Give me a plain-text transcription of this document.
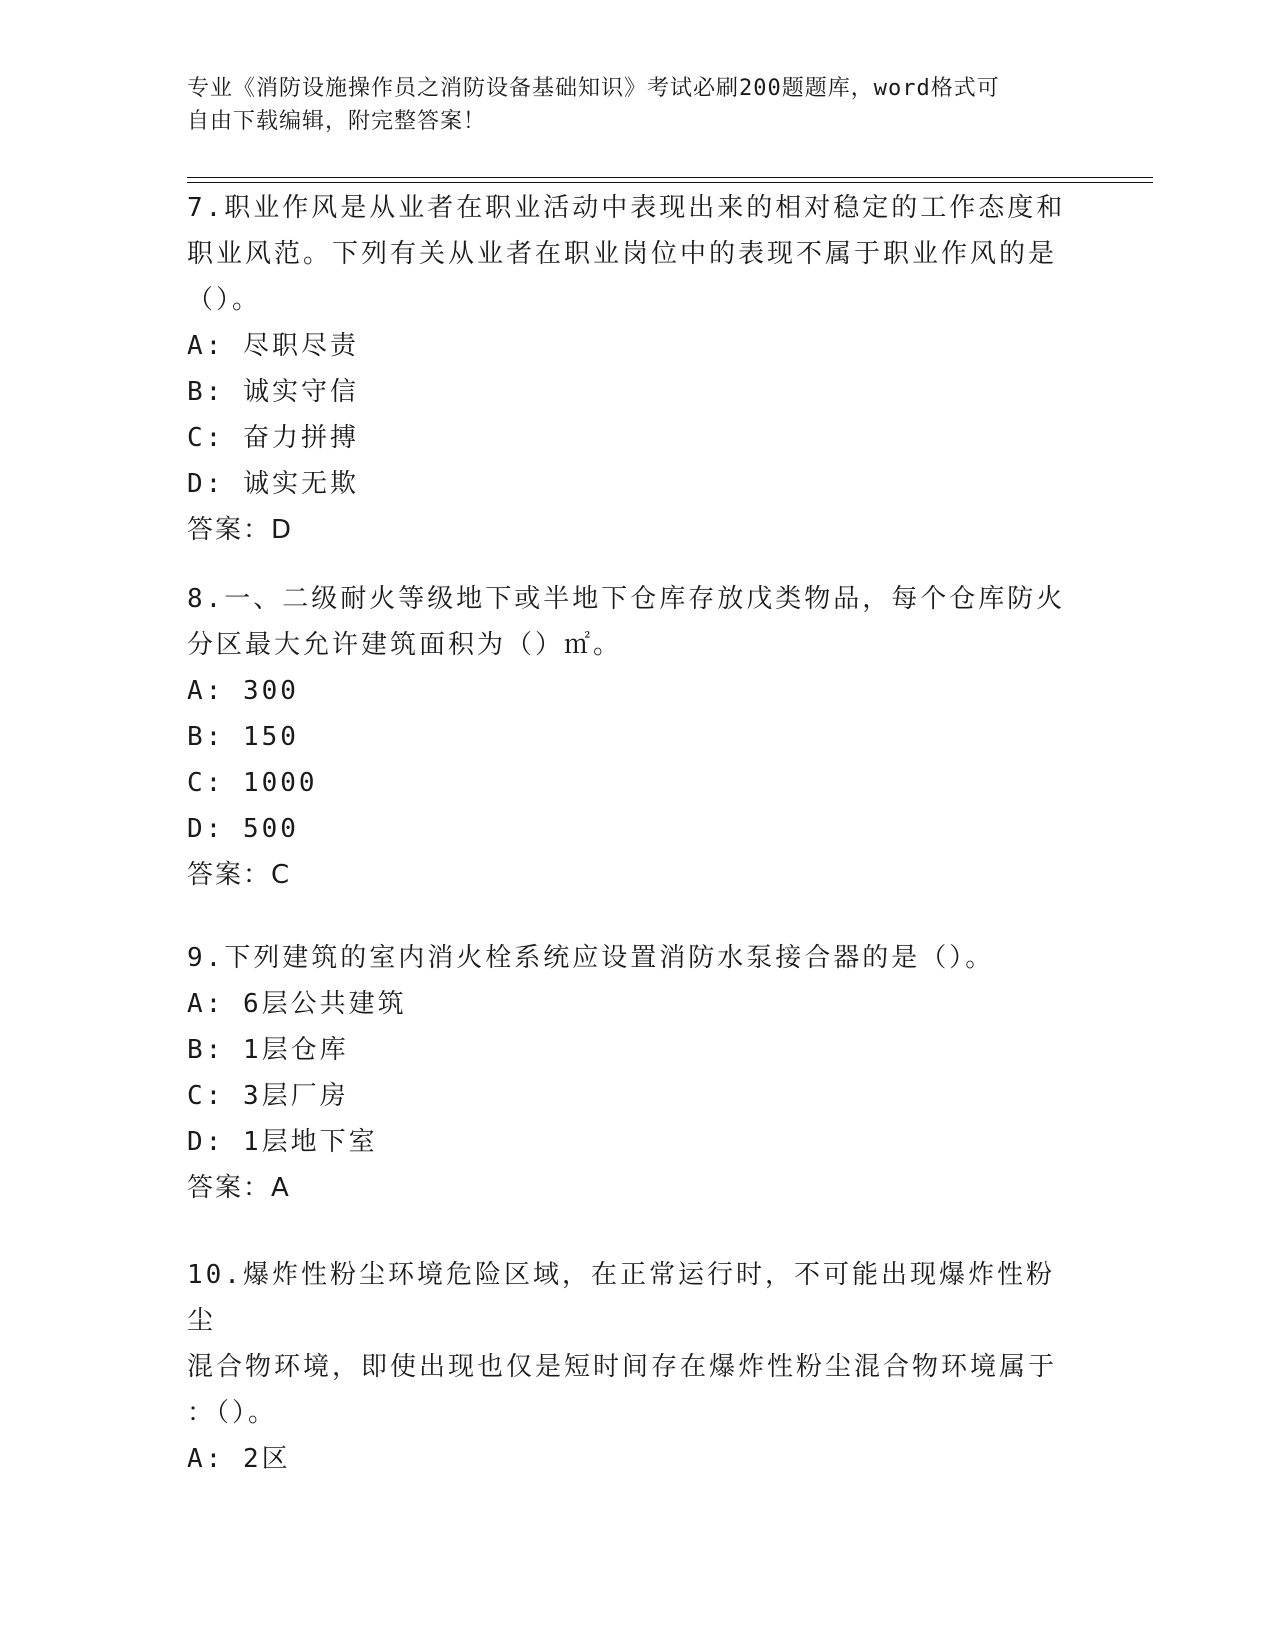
专业《消防设施操作员之消防设备基础知识》考试必刷200题题库，word格式可
自由下载编辑，附完整答案！

7.职业作风是从业者在职业活动中表现出来的相对稳定的工作态度和

职业风范。下列有关从业者在职业岗位中的表现不属于职业作风的是

（）。

A: 尽职尽责

B: 诚实守信

C: 奋力拼搏

D: 诚实无欺

答案：D

8.一、二级耐火等级地下或半地下仓库存放戊类物品，每个仓库防火

分区最大允许建筑面积为（）㎡。

A: 300

B: 150

C: 1000

D: 500

答案：C

9.下列建筑的室内消火栓系统应设置消防水泵接合器的是（）。

A: 6层公共建筑

B: 1层仓库

C: 3层厂房

D: 1层地下室

答案：A

10.爆炸性粉尘环境危险区域，在正常运行时，不可能出现爆炸性粉尘

混合物环境，即使出现也仅是短时间存在爆炸性粉尘混合物环境属于

：（）。

A: 2区
